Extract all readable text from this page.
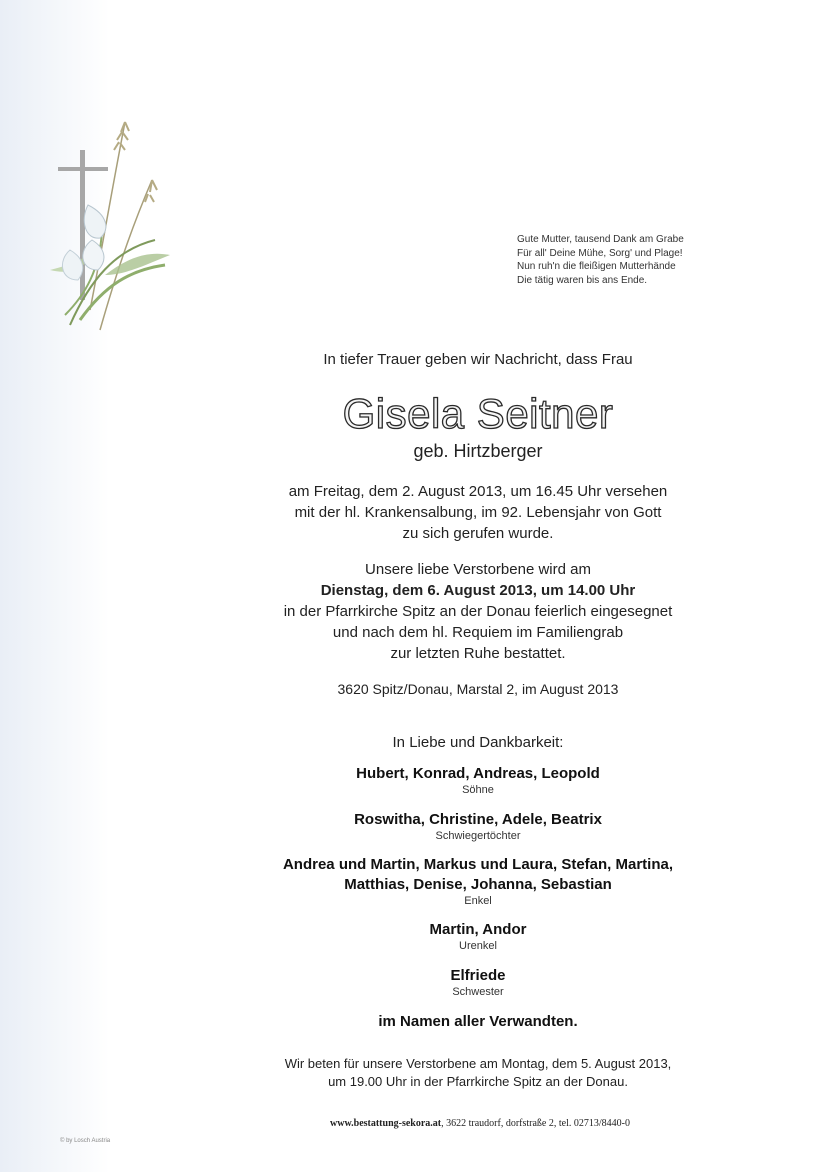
Gute Mutter, tausend Dank am Grabe
Für all' Deine Mühe, Sorg' und Plage!
Nun ruh'n die fleißigen Mutterhände
Die tätig waren bis ans Ende.
In tiefer Trauer geben wir Nachricht, dass Frau
Gisela Seitner
geb. Hirtzberger
am Freitag, dem 2. August 2013, um 16.45 Uhr versehen
mit der hl. Krankensalbung, im 92. Lebensjahr von Gott
zu sich gerufen wurde.
Unsere liebe Verstorbene wird am
Dienstag, dem 6. August 2013, um 14.00 Uhr
in der Pfarrkirche Spitz an der Donau feierlich eingesegnet
und nach dem hl. Requiem im Familiengrab
zur letzten Ruhe bestattet.
3620 Spitz/Donau, Marstal 2, im August 2013
In Liebe und Dankbarkeit:
Hubert, Konrad, Andreas, Leopold
Söhne
Roswitha, Christine, Adele, Beatrix
Schwiegertöchter
Andrea und Martin, Markus und Laura, Stefan, Martina,
Matthias, Denise, Johanna, Sebastian
Enkel
Martin, Andor
Urenkel
Elfriede
Schwester
im Namen aller Verwandten.
Wir beten für unsere Verstorbene am Montag, dem 5. August 2013,
um 19.00 Uhr in der Pfarrkirche Spitz an der Donau.
www.bestattung-sekora.at, 3622 traudorf, dorfstraße 2, tel. 02713/8440-0
© by Losch Austria
